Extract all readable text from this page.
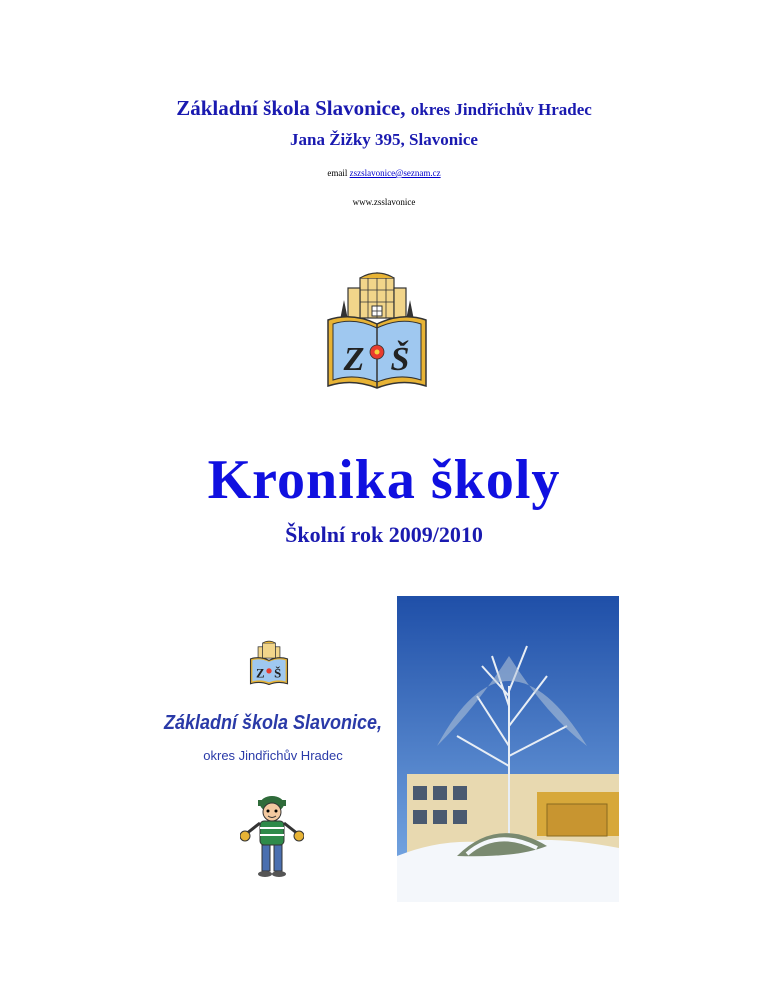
Základní škola Slavonice, okres Jindřichův Hradec
Jana Žižky 395, Slavonice
email zszslavonice@seznam.cz
www.zsslavonice
Z Š
Kronika školy
Školní rok 2009/2010
Z Š
Základní škola Slavonice,
okres Jindřichův Hradec
